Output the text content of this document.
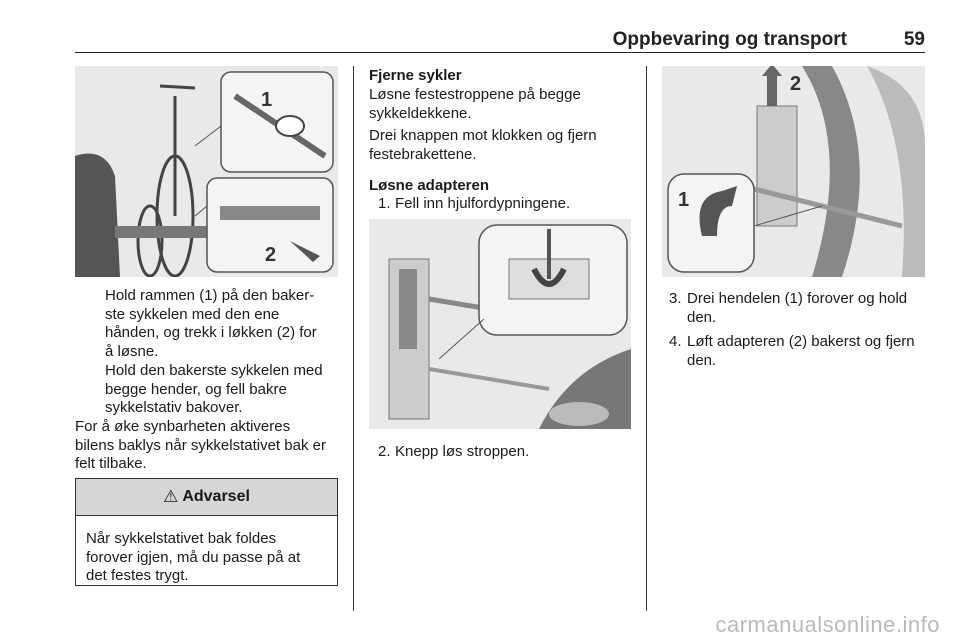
Oppbevaring og transport	59
1
2
Hold rammen (1) på den baker-
ste sykkelen med den ene
hånden, og trekk i løkken (2) for
å løsne.
Hold den bakerste sykkelen med
begge hender, og fell bakre
sykkelstativ bakover.
For å øke synbarheten aktiveres
bilens baklys når sykkelstativet bak er
felt tilbake.
⚠ Advarsel
Når sykkelstativet bak foldes
forover igjen, må du passe på at
det festes trygt.
Fjerne sykler
Løsne festestroppene på begge
sykkeldekkene.
Drei knappen mot klokken og fjern
festebrakettene.
Løsne adapteren
1. Fell inn hjulfordypningene.
2. Knepp løs stroppen.
2
1
3. Drei hendelen (1) forover og hold
den.
4. Løft adapteren (2) bakerst og fjern
den.
carmanualsonline.info
